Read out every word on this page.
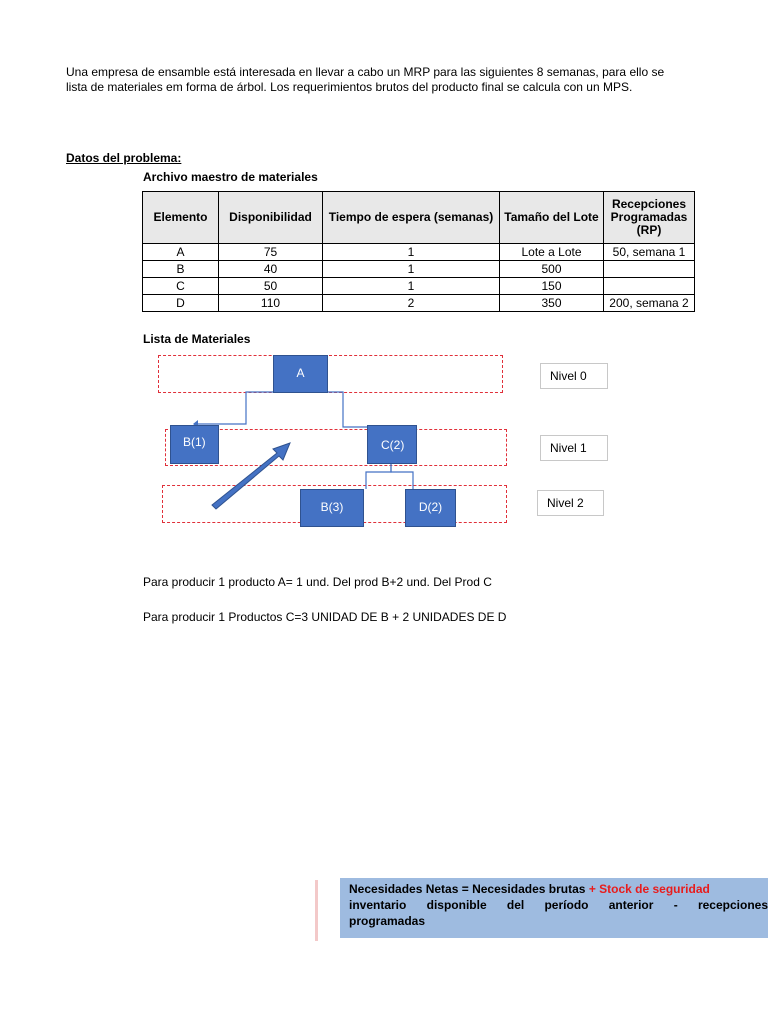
Una empresa de ensamble está interesada en llevar a cabo un MRP para las siguientes 8 semanas, para ello se
lista de materiales em forma de árbol. Los requerimientos brutos del producto final se calcula con un MPS.
Datos del problema:
Archivo maestro de materiales
Elemento	Disponibilidad	Tiempo de espera (semanas)	Tamaño del Lote	Recepciones Programadas (RP)
A	75	1	Lote a Lote	50, semana 1
B	40	1	500	
C	50	1	150	
D	110	2	350	200, semana 2
Lista de Materiales
A
B(1)	C(2)
B(3)	D(2)
Nivel 0
Nivel 1
Nivel 2
Para producir 1 producto A= 1 und. Del prod B+2 und. Del Prod C
Para producir 1 Productos C=3 UNIDAD DE B + 2 UNIDADES DE D
Necesidades Netas = Necesidades brutas + Stock de seguridad
inventario disponible del período anterior - recepciones
programadas
